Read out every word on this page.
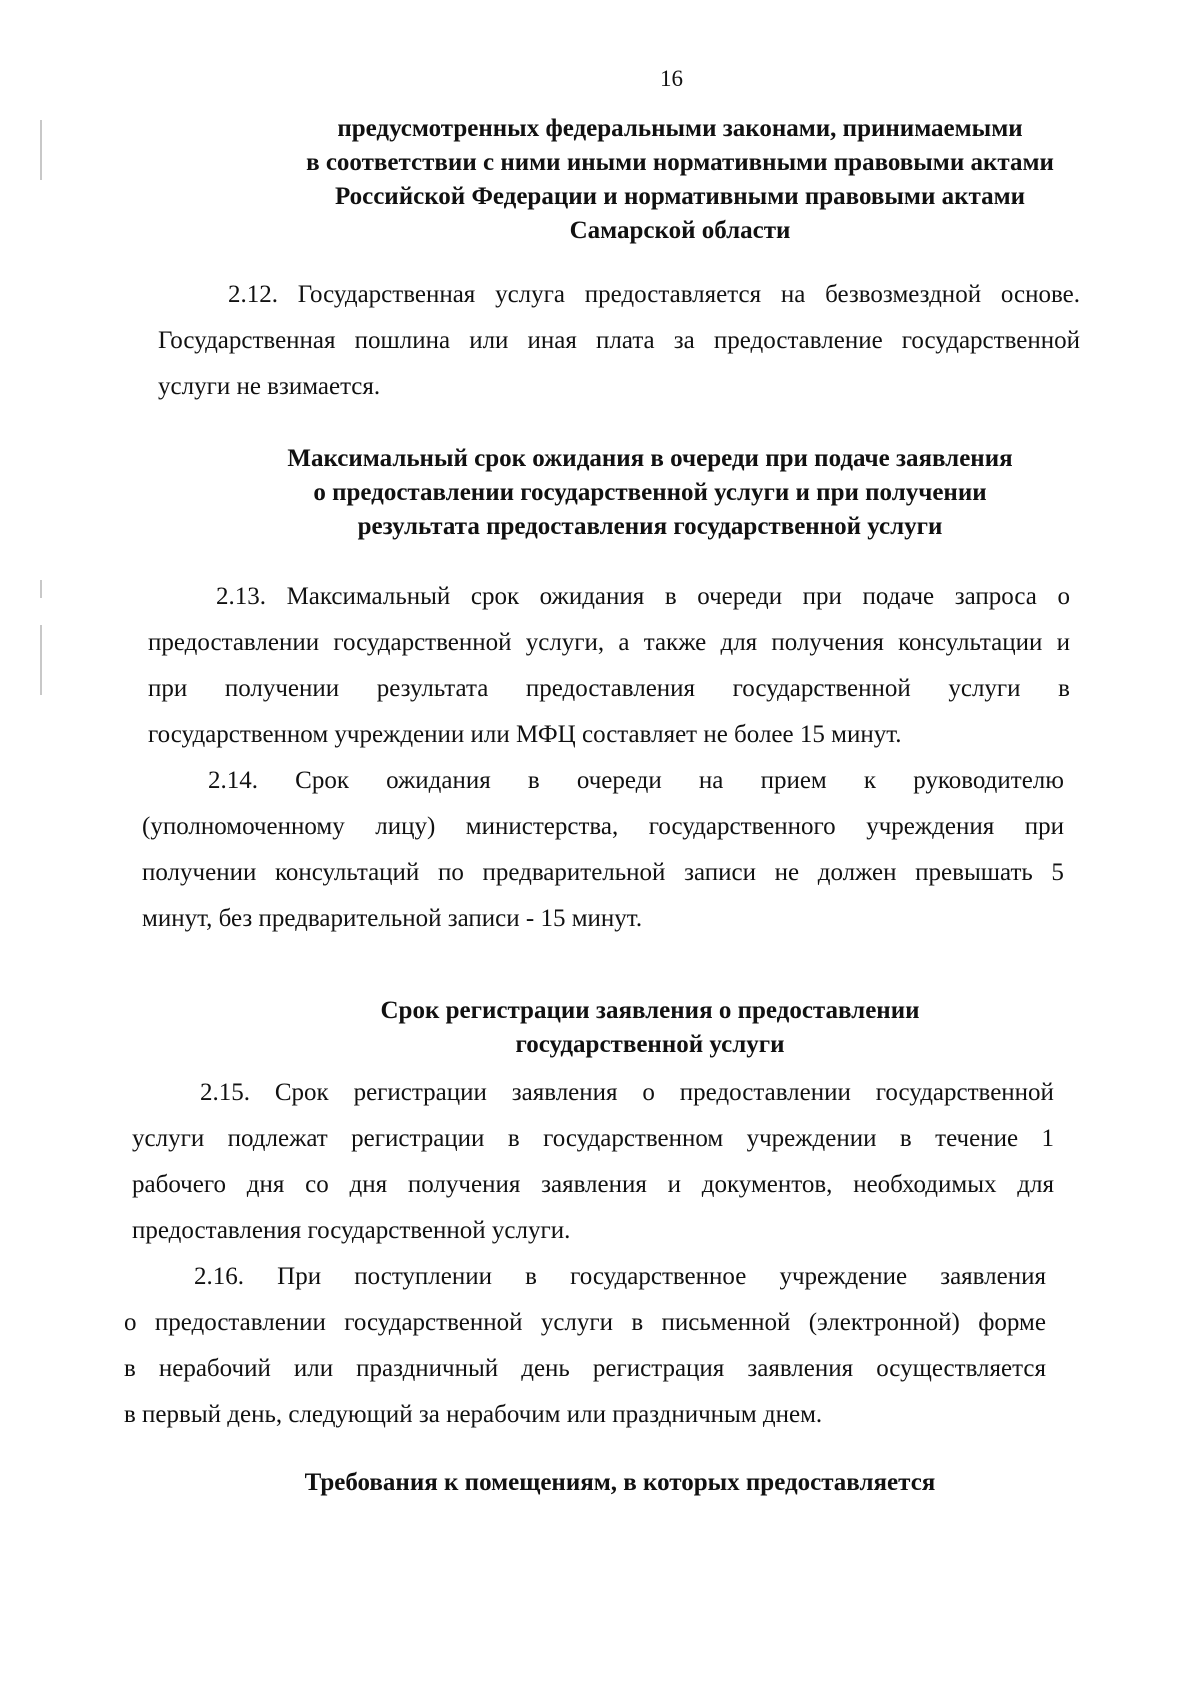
16
предусмотренных федеральными законами, принимаемыми
в соответствии с ними иными нормативными правовыми актами
Российской Федерации и нормативными правовыми актами
Самарской области
2.12. Государственная услуга предоставляется на безвозмездной основе.
Государственная пошлина или иная плата за предоставление государственной
услуги не взимается.
Максимальный срок ожидания в очереди при подаче заявления
о предоставлении государственной услуги и при получении
результата предоставления государственной услуги
2.13. Максимальный срок ожидания в очереди при подаче запроса о
предоставлении государственной услуги, а также для получения консультации и
при получении результата предоставления государственной услуги в
государственном учреждении или МФЦ составляет не более 15 минут.
2.14. Срок ожидания в очереди на прием к руководителю
(уполномоченному лицу) министерства, государственного учреждения при
получении консультаций по предварительной записи не должен превышать 5
минут, без предварительной записи - 15 минут.
Срок регистрации заявления о предоставлении
государственной услуги
2.15. Срок регистрации заявления о предоставлении государственной
услуги подлежат регистрации в государственном учреждении в течение 1
рабочего дня со дня получения заявления и документов, необходимых для
предоставления государственной услуги.
2.16. При поступлении в государственное учреждение заявления
о предоставлении государственной услуги в письменной (электронной) форме
в нерабочий или праздничный день регистрация заявления осуществляется
в первый день, следующий за нерабочим или праздничным днем.
Требования к помещениям, в которых предоставляется
